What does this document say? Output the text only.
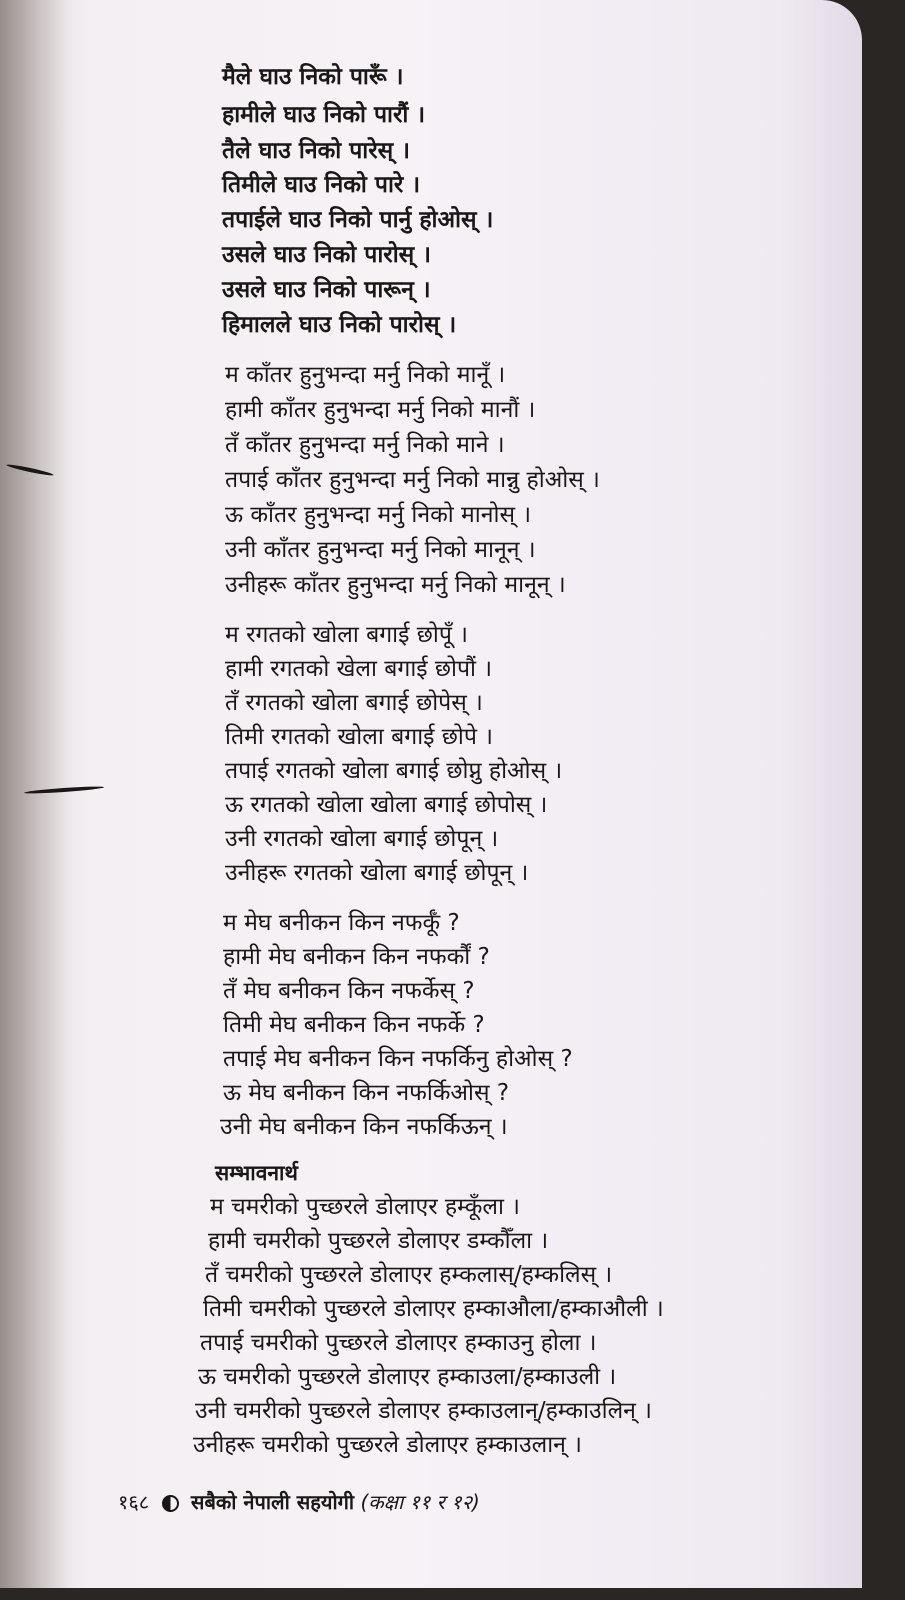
मैले घाउ निको पारूँ ।
हामीले घाउ निको पारौं ।
तैले घाउ निको पारेस् ।
तिमीले घाउ निको पारे ।
तपाईले घाउ निको पार्नु होओस् ।
उसले घाउ निको पारोस् ।
उसले घाउ निको पारून् ।
हिमालले घाउ निको पारोस् ।
म काँतर हुनुभन्दा मर्नु निको मानूँ ।
हामी काँतर हुनुभन्दा मर्नु निको मानौं ।
तँ काँतर हुनुभन्दा मर्नु निको माने ।
तपाई काँतर हुनुभन्दा मर्नु निको मान्नु होओस् ।
ऊ काँतर हुनुभन्दा मर्नु निको मानोस् ।
उनी काँतर हुनुभन्दा मर्नु निको मानून् ।
उनीहरू काँतर हुनुभन्दा मर्नु निको मानून् ।
म रगतको खोला बगाई छोपूँ ।
हामी रगतको खेला बगाई छोपौं ।
तँ रगतको खोला बगाई छोपेस् ।
तिमी रगतको खोला बगाई छोपे ।
तपाई रगतको खोला बगाई छोप्नु होओस् ।
ऊ रगतको खोला खोला बगाई छोपोस् ।
उनी रगतको खोला बगाई छोपून् ।
उनीहरू रगतको खोला बगाई छोपून् ।
म मेघ बनीकन किन नफर्कूँ ?
हामी मेघ बनीकन किन नफर्कौं ?
तँ मेघ बनीकन किन नफर्केस् ?
तिमी मेघ बनीकन किन नफर्के ?
तपाई मेघ बनीकन किन नफर्किनु होओस् ?
ऊ मेघ बनीकन किन नफर्किओस् ?
उनी मेघ बनीकन किन नफर्किऊन् ।
सम्भावनार्थ
म चमरीको पुच्छरले डोलाएर हम्कूँला ।
हामी चमरीको पुच्छरले डोलाएर डम्कौँला ।
तँ चमरीको पुच्छरले डोलाएर हम्कलास्/हम्कलिस् ।
तिमी चमरीको पुच्छरले डोलाएर हम्काऔला/हम्काऔली ।
तपाई चमरीको पुच्छरले डोलाएर हम्काउनु होला ।
ऊ चमरीको पुच्छरले डोलाएर हम्काउला/हम्काउली ।
उनी चमरीको पुच्छरले डोलाएर हम्काउलान्/हम्काउलिन् ।
उनीहरू चमरीको पुच्छरले डोलाएर हम्काउलान् ।
१६८ सबैको नेपाली सहयोगी (कक्षा ११ र १२)
